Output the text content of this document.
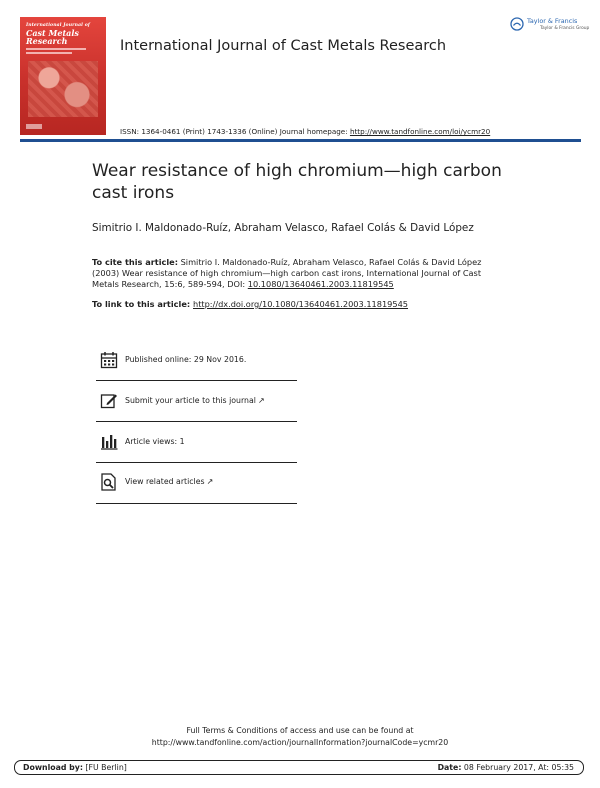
International Journal of
Cast Metals Research	International Journal of Cast Metals Research
ISSN: 1364-0461 (Print) 1743-1336 (Online) Journal homepage: http://www.tandfonline.com/loi/ycmr20
Taylor & Francis
Taylor & Francis Group
Wear resistance of high chromium—high carbon cast irons
Simitrio I. Maldonado-Ruíz, Abraham Velasco, Rafael Colás & David López
To cite this article: Simitrio I. Maldonado-Ruíz, Abraham Velasco, Rafael Colás & David López (2003) Wear resistance of high chromium—high carbon cast irons, International Journal of Cast Metals Research, 15:6, 589-594, DOI: 10.1080/13640461.2003.11819545
To link to this article: http://dx.doi.org/10.1080/13640461.2003.11819545
Published online: 29 Nov 2016.
Submit your article to this journal ↗
Article views: 1
View related articles ↗
Full Terms & Conditions of access and use can be found at
http://www.tandfonline.com/action/journalInformation?journalCode=ycmr20
Download by: [FU Berlin]	Date: 08 February 2017, At: 05:35
